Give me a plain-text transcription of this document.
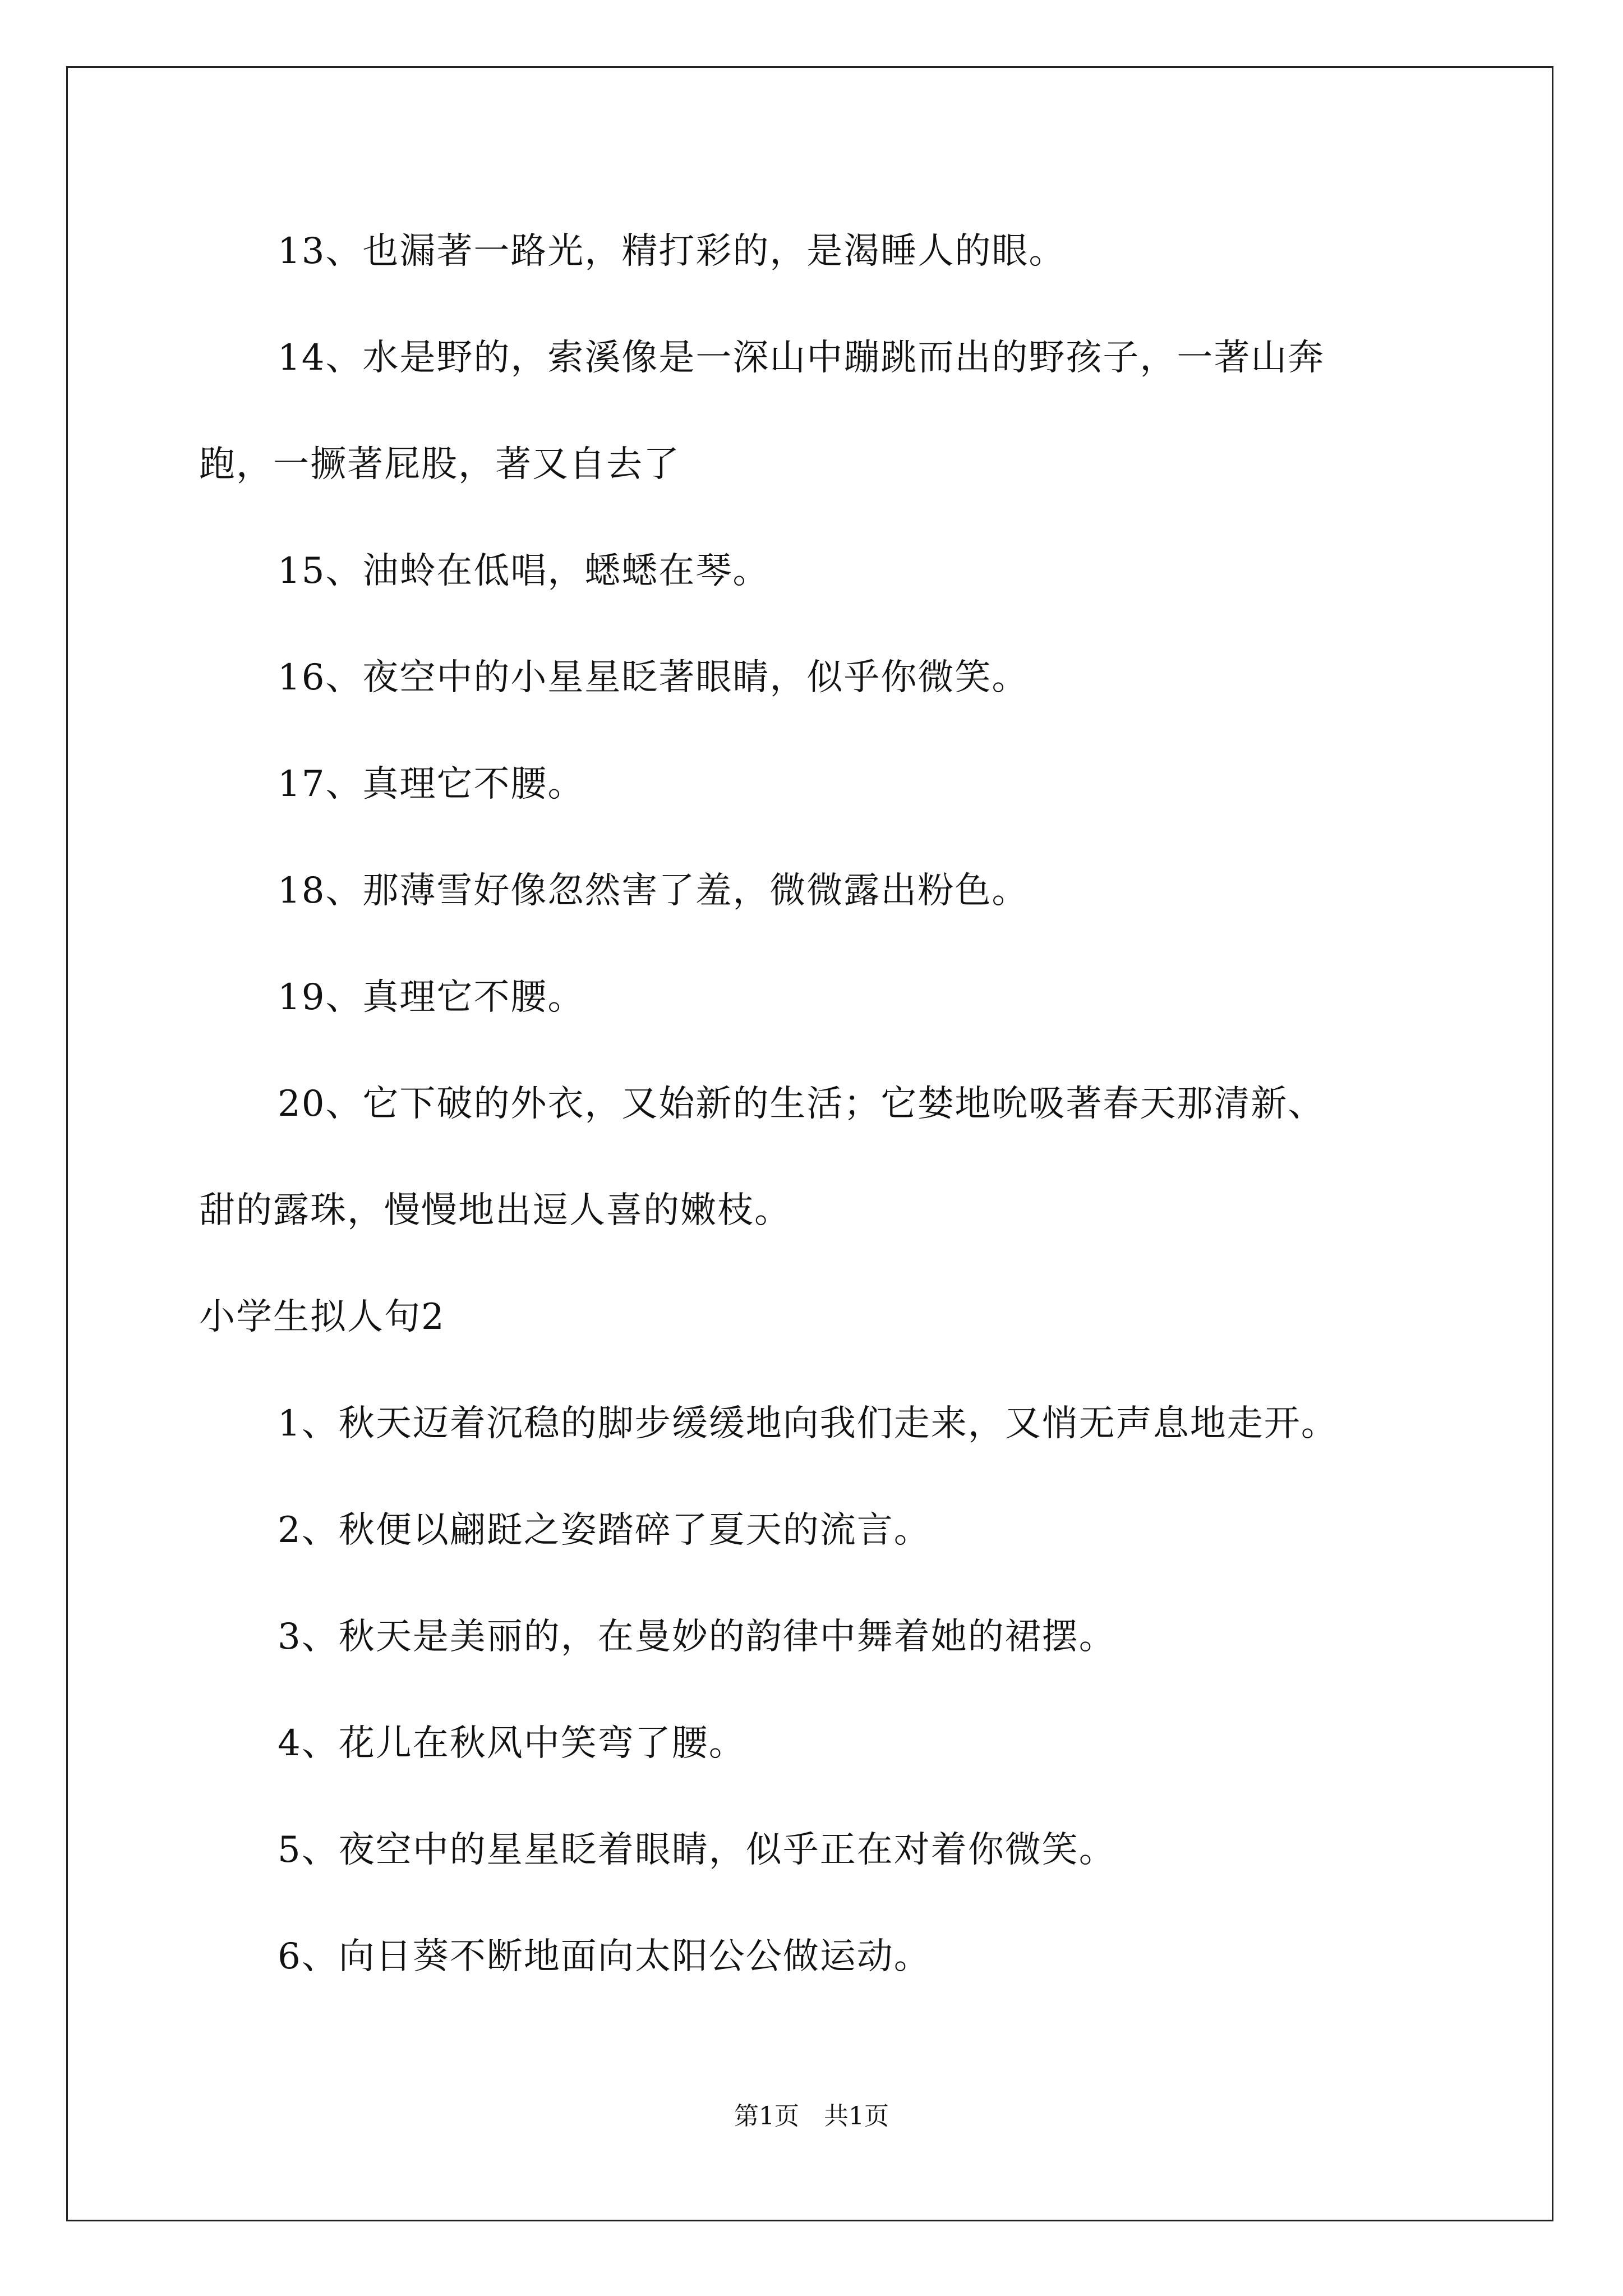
13、也漏著一路光，精打彩的，是渴睡人的眼。
14、水是野的，索溪像是一深山中蹦跳而出的野孩子，一著山奔
跑，一撅著屁股，著又自去了
15、油蛉在低唱，蟋蟋在琴。
16、夜空中的小星星眨著眼睛，似乎你微笑。
17、真理它不腰。
18、那薄雪好像忽然害了羞，微微露出粉色。
19、真理它不腰。
20、它下破的外衣，又始新的生活；它婪地吮吸著春天那清新、
甜的露珠，慢慢地出逗人喜的嫩枝。
小学生拟人句2
1、秋天迈着沉稳的脚步缓缓地向我们走来，又悄无声息地走开。
2、秋便以翩跹之姿踏碎了夏天的流言。
3、秋天是美丽的，在曼妙的韵律中舞着她的裙摆。
4、花儿在秋风中笑弯了腰。
5、夜空中的星星眨着眼睛，似乎正在对着你微笑。
6、向日葵不断地面向太阳公公做运动。
第1页　共1页
